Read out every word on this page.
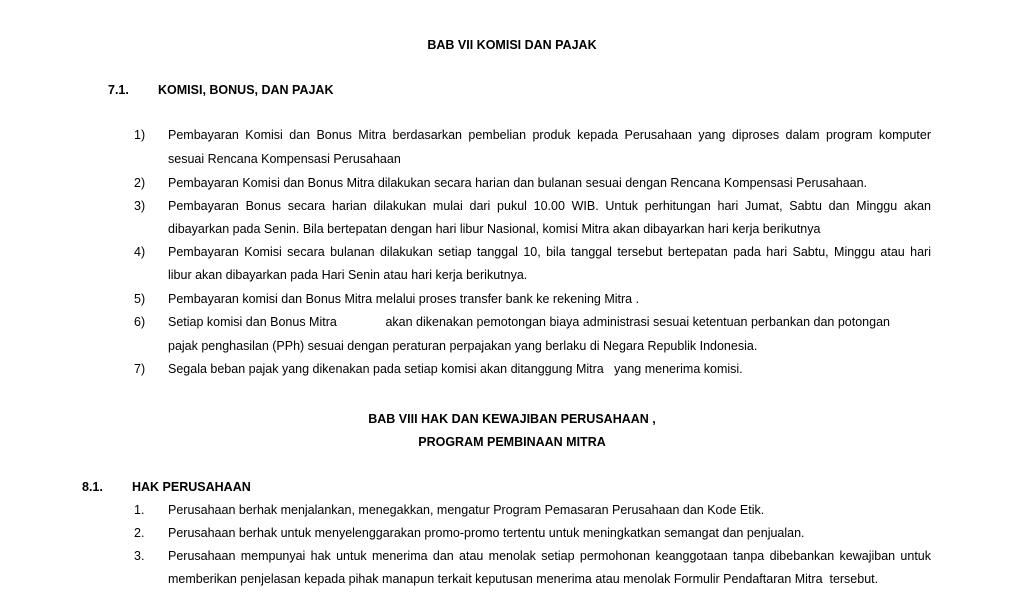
BAB VII KOMISI DAN PAJAK
7.1. KOMISI, BONUS, DAN PAJAK
1) Pembayaran Komisi dan Bonus Mitra berdasarkan pembelian produk kepada Perusahaan yang diproses dalam program komputer
sesuai Rencana Kompensasi Perusahaan
2) Pembayaran Komisi dan Bonus Mitra dilakukan secara harian dan bulanan sesuai dengan Rencana Kompensasi Perusahaan.
3) Pembayaran Bonus secara harian dilakukan mulai dari pukul 10.00 WIB. Untuk perhitungan hari Jumat, Sabtu dan Minggu akan
dibayarkan pada Senin. Bila bertepatan dengan hari libur Nasional, komisi Mitra akan dibayarkan hari kerja berikutnya
4) Pembayaran Komisi secara bulanan dilakukan setiap tanggal 10, bila tanggal tersebut bertepatan pada hari Sabtu, Minggu atau hari
libur akan dibayarkan pada Hari Senin atau hari kerja berikutnya.
5) Pembayaran komisi dan Bonus Mitra melalui proses transfer bank ke rekening Mitra .
6) Setiap komisi dan Bonus Mitra              akan dikenakan pemotongan biaya administrasi sesuai ketentuan perbankan dan potongan
pajak penghasilan (PPh) sesuai dengan peraturan perpajakan yang berlaku di Negara Republik Indonesia.
7) Segala beban pajak yang dikenakan pada setiap komisi akan ditanggung Mitra   yang menerima komisi.
BAB VIII HAK DAN KEWAJIBAN PERUSAHAAN ,
PROGRAM PEMBINAAN MITRA
8.1. HAK PERUSAHAAN
1. Perusahaan berhak menjalankan, menegakkan, mengatur Program Pemasaran Perusahaan dan Kode Etik.
2. Perusahaan berhak untuk menyelenggarakan promo-promo tertentu untuk meningkatkan semangat dan penjualan.
3. Perusahaan mempunyai hak untuk menerima dan atau menolak setiap permohonan keanggotaan tanpa dibebankan kewajiban untuk
memberikan penjelasan kepada pihak manapun terkait keputusan menerima atau menolak Formulir Pendaftaran Mitra  tersebut.
